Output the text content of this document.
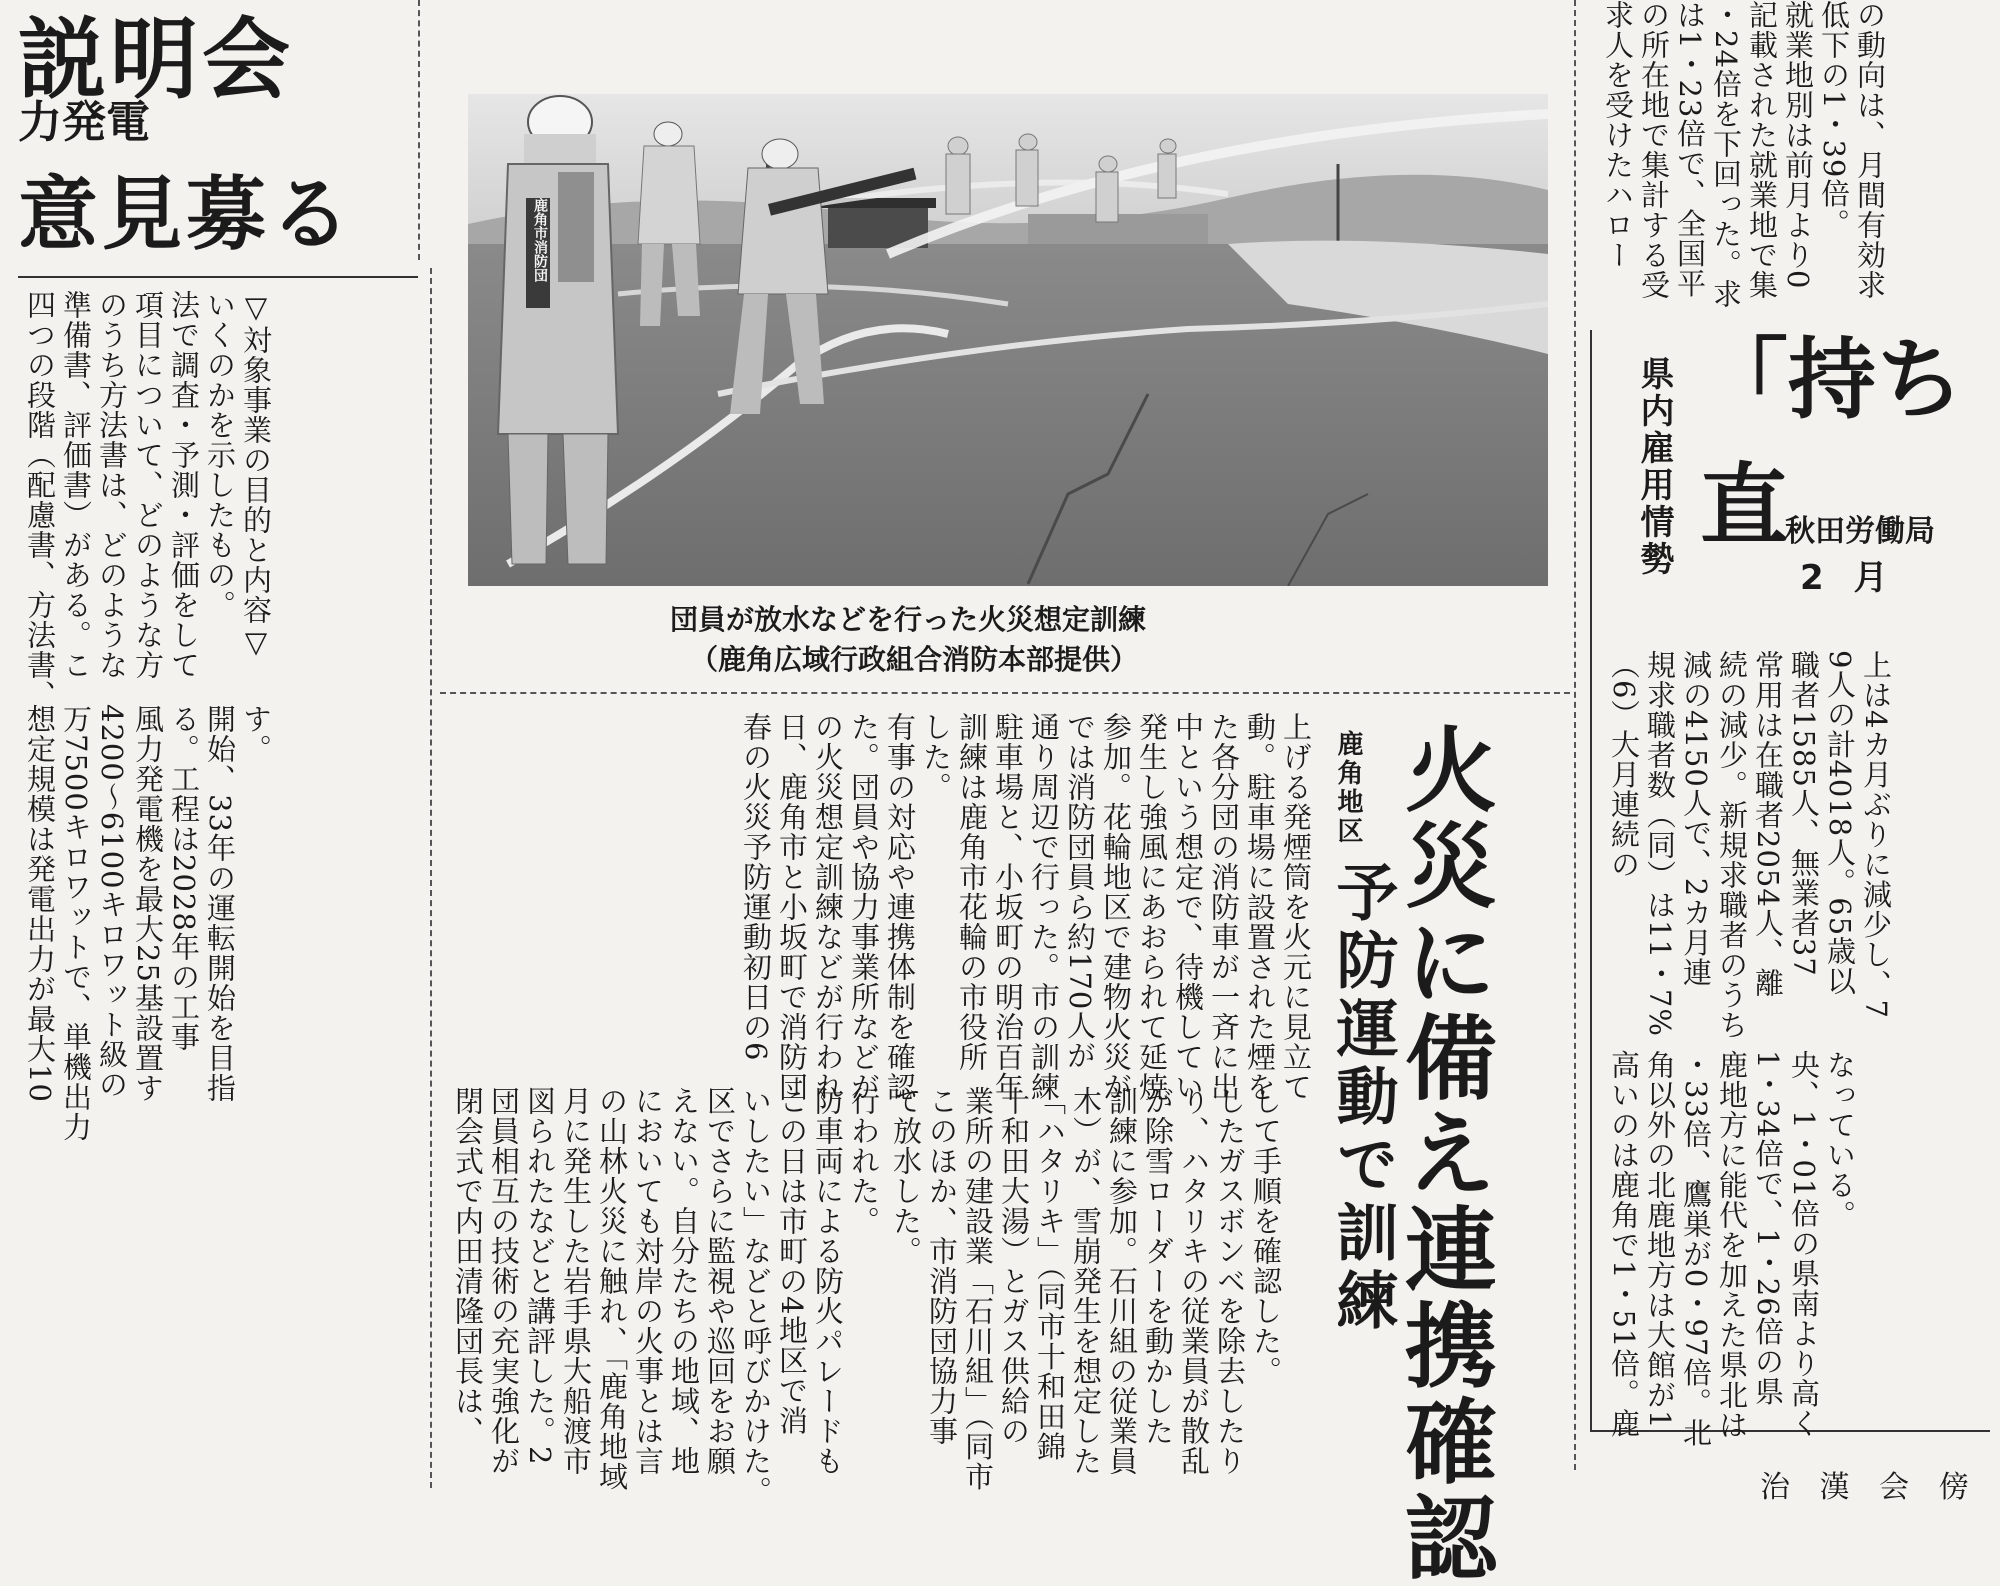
説明会
力発電
意見募る
▽対象事業の目的と内容▽
いくのかを示したもの。
法で調査・予測・評価をして
項目について、どのような方
のうち方法書は、どのような
準備書、評価書）がある。こ
四つの段階（配慮書、方法書、
す。
開始、33年の運転開始を目指
る。工程は2028年の工事
風力発電機を最大25基設置す
4200〜6100キロワット級の
万7500キロワットで、単機出力
想定規模は発電出力が最大10
鹿角市消防団
団員が放水などを行った火災想定訓練
（鹿角広域行政組合消防本部提供）
火災に備え連携確認
鹿角地区
予防運動で訓練
上げる発煙筒を火元に見立て
動。駐車場に設置された煙を
た各分団の消防車が一斉に出
中という想定で、待機してい
発生し強風にあおられて延焼
参加。花輪地区で建物火災が
では消防団員ら約170人が
通り周辺で行った。市の訓練
駐車場と、小坂町の明治百年
訓練は鹿角市花輪の市役所
した。
有事の対応や連携体制を確認
た。団員や協力事業所などが
の火災想定訓練などが行われ
日、鹿角市と小坂町で消防団
春の火災予防運動初日の6
して手順を確認した。
したガスボンベを除去したり
り、ハタリキの従業員が散乱
が除雪ローダーを動かした
訓練に参加。石川組の従業員
木）が、雪崩発生を想定した
「ハタリキ」（同市十和田錦
十和田大湯）とガス供給の
業所の建設業「石川組」（同市
このほか、市消防団協力事
て放水した。
行われた。
防車両による防火パレードも
この日は市町の4地区で消
いしたい」などと呼びかけた。
区でさらに監視や巡回をお願
えない。自分たちの地域、地
においても対岸の火事とは言
の山林火災に触れ、「鹿角地域
月に発生した岩手県大船渡市
図られたなどと講評した。2
団員相互の技術の充実強化が
閉会式で内田清隆団長は、
の動向は、月間有効求
低下の1・39倍。
就業地別は前月より0
記載された就業地で集
・24倍を下回った。求
は1・23倍で、全国平
の所在地で集計する受
求人を受けたハロー
県内雇用情勢 「持ち直
秋田労働局
2月
上は4カ月ぶりに減少し、7
9人の計4018人。65歳以
職者1585人、無業者37
常用は在職者2054人、離
続の減少。新規求職者のうち
減の4150人で、2カ月連
規求職者数（同）は11・7%
（6）大月連続の
なっている。
央、1・01倍の県南より高く
1・34倍で、1・26倍の県
鹿地方に能代を加えた県北は
・33倍、鷹巣が0・97倍。北
角以外の北鹿地方は大館が1
高いのは鹿角で1・51倍。鹿
治 漢 会 傍
